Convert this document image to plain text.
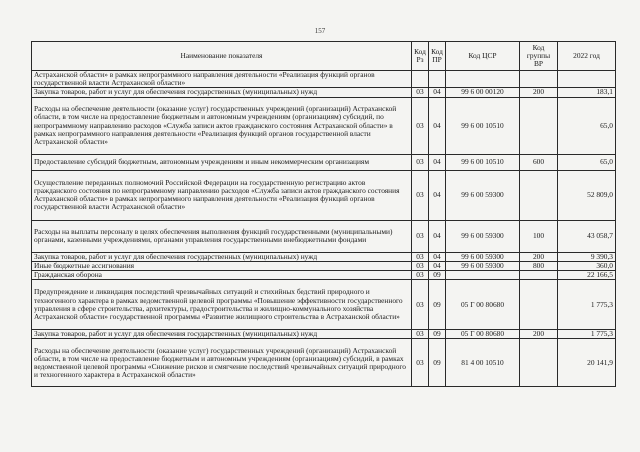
157
Наименование показателя	Код Рз	Код ПР	Код ЦСР	Код группы ВР	2022 год
Астраханской области» в рамках непрограммного направления деятельности «Реализация функций органов государственной власти Астраханской области»					
Закупка товаров, работ и услуг для обеспечения государственных (муниципальных) нужд	03	04	99 6 00 00120	200	183,1
Расходы на обеспечение деятельности (оказание услуг) государственных учреждений (организаций) Астраханской области, в том числе на предоставление бюджетным и автономным учреждениям (организациям) субсидий, по непрограммному направлению расходов «Служба записи актов гражданского состояния Астраханской области» в рамках непрограммного направления деятельности «Реализация функций органов государственной власти Астраханской области»	03	04	99 6 00 10510		65,0
Предоставление субсидий бюджетным, автономным учреждениям и иным некоммерческим организациям	03	04	99 6 00 10510	600	65,0
Осуществление переданных полномочий Российской Федерации на государственную регистрацию актов гражданского состояния по непрограммному направлению расходов «Служба записи актов гражданского состояния Астраханской области» в рамках непрограммного направления деятельности «Реализация функций органов государственной власти Астраханской области»	03	04	99 6 00 59300		52 809,0
Расходы на выплаты персоналу в целях обеспечения выполнения функций государственными (муниципальными) органами, казенными учреждениями, органами управления государственными внебюджетными фондами	03	04	99 6 00 59300	100	43 058,7
Закупка товаров, работ и услуг для обеспечения государственных (муниципальных) нужд	03	04	99 6 00 59300	200	9 390,3
Иные бюджетные ассигнования	03	04	99 6 00 59300	800	360,0
Гражданская оборона	03	09			22 166,5
Предупреждение и ликвидация последствий чрезвычайных ситуаций и стихийных бедствий природного и техногенного характера в рамках ведомственной целевой программы «Повышение эффективности государственного управления в сфере строительства, архитектуры, градостроительства и жилищно-коммунального хозяйства Астраханской области» государственной программы «Развитие жилищного строительства в Астраханской области»	03	09	05 Г 00 80680		1 775,3
Закупка товаров, работ и услуг для обеспечения государственных (муниципальных) нужд	03	09	05 Г 00 80680	200	1 775,3
Расходы на обеспечение деятельности (оказание услуг) государственных учреждений (организаций) Астраханской области, в том числе на предоставление бюджетным и автономным учреждениям (организациям) субсидий, в рамках ведомственной целевой программы «Снижение рисков и смягчение последствий чрезвычайных ситуаций природного и техногенного характера в Астраханской области»	03	09	81 4 00 10510		20 141,9
